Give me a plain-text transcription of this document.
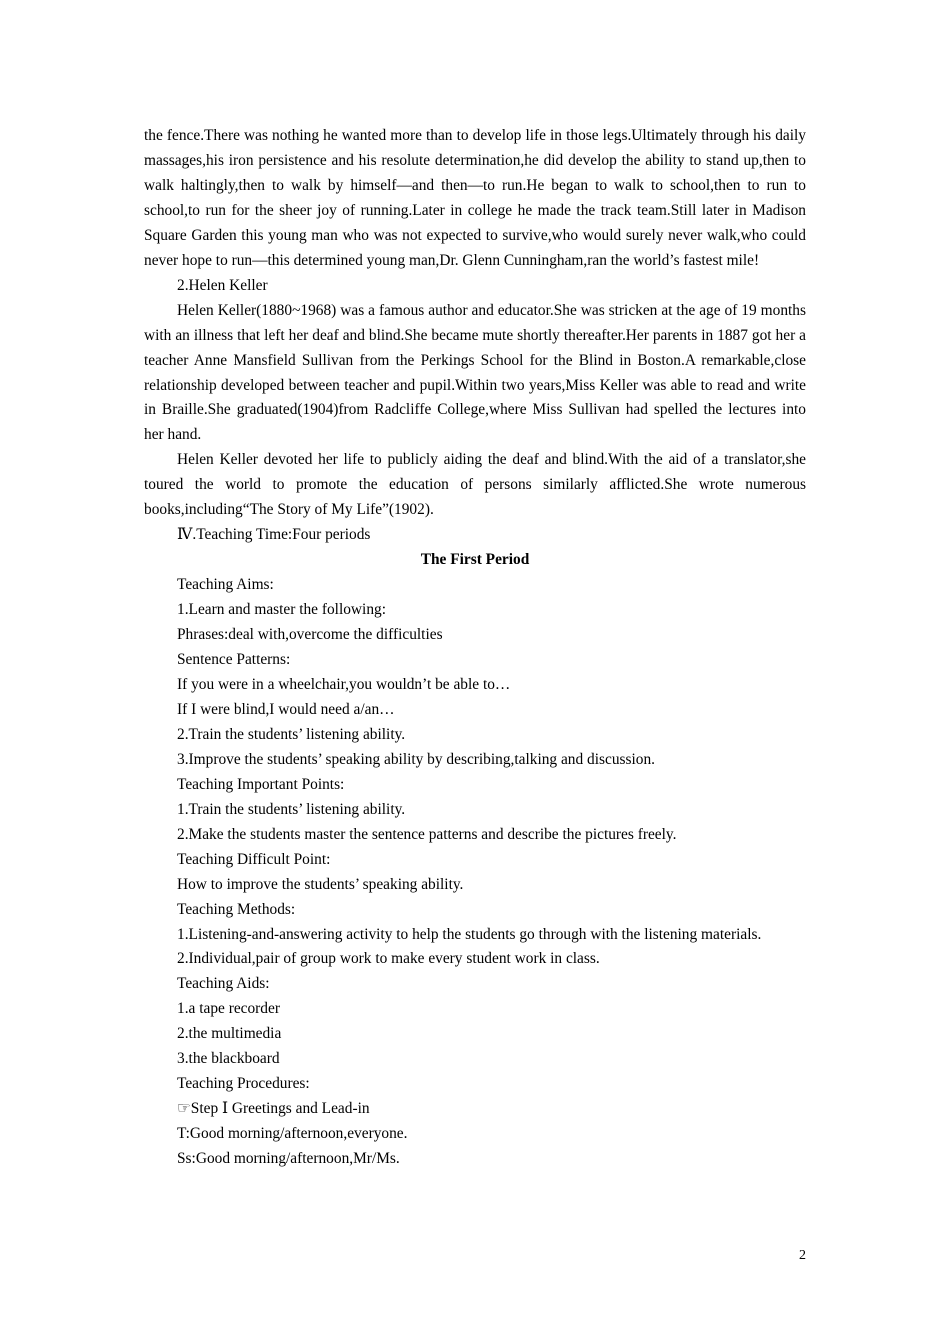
the fence.There was nothing he wanted more than to develop life in those legs.Ultimately through his daily massages,his iron persistence and his resolute determination,he did develop the ability to stand up,then to walk haltingly,then to walk by himself—and then—to run.He began to walk to school,then to run to school,to run for the sheer joy of running.Later in college he made the track team.Still later in Madison Square Garden this young man who was not expected to survive,who would surely never walk,who could never hope to run—this determined young man,Dr. Glenn Cunningham,ran the world’s fastest mile!

2.Helen Keller

Helen Keller(1880~1968) was a famous author and educator.She was stricken at the age of 19 months with an illness that left her deaf and blind.She became mute shortly thereafter.Her parents in 1887 got her a teacher Anne Mansfield Sullivan from the Perkings School for the Blind in Boston.A remarkable,close relationship developed between teacher and pupil.Within two years,Miss Keller was able to read and write in Braille.She graduated(1904)from Radcliffe College,where Miss Sullivan had spelled the lectures into her hand.

Helen Keller devoted her life to publicly aiding the deaf and blind.With the aid of a translator,she toured the world to promote the education of persons similarly afflicted.She wrote numerous books,including“The Story of My Life”(1902).

Ⅳ.Teaching Time:Four periods

The First Period

Teaching Aims:

1.Learn and master the following:

Phrases:deal with,overcome the difficulties

Sentence Patterns:

If you were in a wheelchair,you wouldn’t be able to…

If I were blind,I would need a/an…

2.Train the students’ listening ability.

3.Improve the students’ speaking ability by describing,talking and discussion.

Teaching Important Points:

1.Train the students’ listening ability.

2.Make the students master the sentence patterns and describe the pictures freely.

Teaching Difficult Point:

How to improve the students’ speaking ability.

Teaching Methods:

1.Listening-and-answering activity to help the students go through with the listening materials.

2.Individual,pair of group work to make every student work in class.

Teaching Aids:

1.a tape recorder

2.the multimedia

3.the blackboard

Teaching Procedures:

☞Step Ⅰ Greetings and Lead-in

T:Good morning/afternoon,everyone.

Ss:Good morning/afternoon,Mr/Ms.

2
